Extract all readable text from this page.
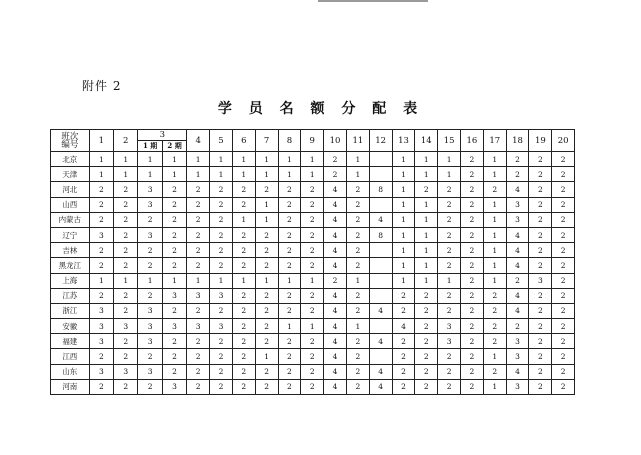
附件 2
学 员 名 额 分 配 表
班次
编号	1	2	3		4	5	6	7	8	9	10	11	12	13	14	15	16	17	18	19	20
			1 期	2 期																	
北京	1	1	1	1	1	1	1	1	1	1	2	1		1	1	1	2	1	2	2	2
天津	1	1	1	1	1	1	1	1	1	1	2	1		1	1	1	2	1	2	2	2
河北	2	2	3	2	2	2	2	2	2	2	4	2	8	1	2	2	2	2	4	2	2
山西	2	2	3	2	2	2	2	1	2	2	4	2		1	1	2	2	1	3	2	2
内蒙古	2	2	2	2	2	2	1	1	2	2	4	2	4	1	1	2	2	1	3	2	2
辽宁	3	2	3	2	2	2	2	2	2	2	4	2	8	1	1	2	2	1	4	2	2
吉林	2	2	2	2	2	2	2	2	2	2	4	2		1	1	2	2	1	4	2	2
黑龙江	2	2	2	2	2	2	2	2	2	2	4	2		1	1	2	2	1	4	2	2
上海	1	1	1	1	1	1	1	1	1	1	2	1		1	1	1	2	1	2	3	2
江苏	2	2	2	3	3	3	2	2	2	2	4	2		2	2	2	2	2	4	2	2
浙江	3	2	3	2	2	2	2	2	2	2	4	2	4	2	2	2	2	2	4	2	2
安徽	3	3	3	3	3	3	2	2	1	1	4	1		4	2	3	2	2	2	2	2
福建	3	2	3	2	2	2	2	2	2	2	4	2	4	2	2	3	2	2	3	2	2
江西	2	2	2	2	2	2	2	1	2	2	4	2		2	2	2	2	1	3	2	2
山东	3	3	3	2	2	2	2	2	2	2	4	2	4	2	2	2	2	2	4	2	2
河南	2	2	2	3	2	2	2	2	2	2	4	2	4	2	2	2	2	1	3	2	2
